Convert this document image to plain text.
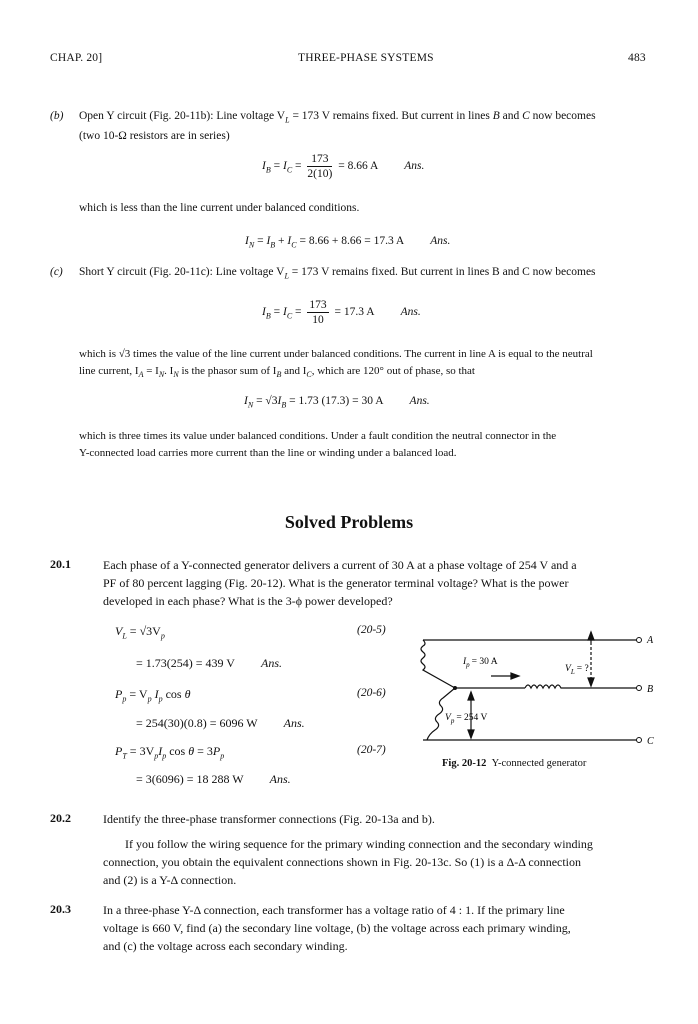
CHAP. 20]	THREE-PHASE SYSTEMS	483
(b) Open Y circuit (Fig. 20-11b): Line voltage $V_L = 173$ V remains fixed. But current in lines B and C now becomes
(two 10-Ω resistors are in series)
$I_B = I_C = \frac{173}{2(10)} = 8.66$ A Ans.
which is less than the line current under balanced conditions.
$I_N = I_B + I_C = 8.66 + 8.66 = 17.3$ A Ans.
(c) Short Y circuit (Fig. 20-11c): Line voltage $V_L = 173$ V remains fixed. But current in lines B and C now becomes
$I_B = I_C = \frac{173}{10} = 17.3$ A Ans.
which is √3 times the value of the line current under balanced conditions. The current in line A is equal to the neutral
line current, $I_A = I_N$. $I_N$ is the phasor sum of $I_B$ and $I_C$, which are 120° out of phase, so that
$I_N = √3I_B = 1.73$ (17.3) = 30 A Ans.
which is three times its value under balanced conditions. Under a fault condition the neutral connector in the
Y-connected load carries more current than the line or winding under a balanced load.
Solved Problems
20.1	Each phase of a Y-connected generator delivers a current of 30 A at a phase voltage of 254 V and a
PF of 80 percent lagging (Fig. 20-12). What is the generator terminal voltage? What is the power
developed in each phase? What is the 3-ϕ power developed?
$V_L = √3V_p$	(20-5)
= 1.73(254) = 439 V Ans.
$P_p = V_p$ $I_p$ cos θ	(20-6)
= 254(30)(0.8) = 6096 W Ans.
$P_T = 3V_pI_p$ $\cos \theta = 3P_p$	(20-7)
= 3(6096) = 18 288 W Ans.
A
B
C
$I_p = 30$ A
$V_L$ = ?
$V_p = 254$ V
Fig. 20-12 Y-connected generator
20.2	Identify the three-phase transformer connections (Fig. 20-13a and b).
If you follow the wiring sequence for the primary winding connection and the secondary winding
connection, you obtain the equivalent connections shown in Fig. 20-13c. So (1) is a Δ-Δ connection
and (2) is a Y-Δ connection.
20.3	In a three-phase Y-Δ connection, each transformer has a voltage ratio of 4 : 1. If the primary line
voltage is 660 V, find (a) the secondary line voltage, (b) the voltage across each primary winding,
and (c) the voltage across each secondary winding.
